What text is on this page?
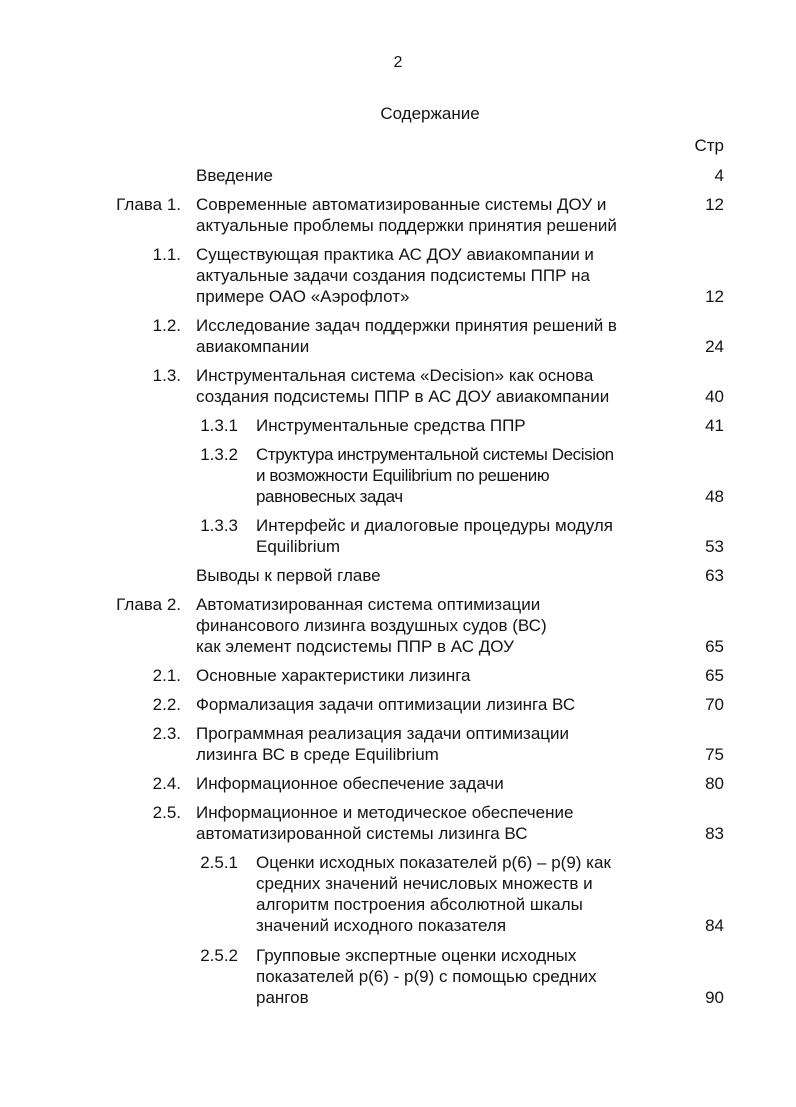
2
Содержание
Стр
Введение	4
Глава 1. Современные автоматизированные системы ДОУ и
актуальные проблемы поддержки принятия решений
12
1.1. Существующая практика АС ДОУ авиакомпании и
актуальные задачи создания подсистемы ППР на
примере ОАО «Аэрофлот»	12
1.2. Исследование задач поддержки принятия решений в
авиакомпании	24
1.3. Инструментальная система «Decision» как основа
создания подсистемы ППР в АС ДОУ авиакомпании	40
1.3.1 Инструментальные средства ППР	41
1.3.2 Структура инструментальной системы Decision
и возможности Equilibrium по решению
равновесных задач	48
1.3.3 Интерфейс и диалоговые процедуры модуля
Equilibrium	53
Выводы к первой главе	63
Глава 2. Автоматизированная система оптимизации
финансового лизинга воздушных судов (ВС)
как элемент подсистемы ППР в АС ДОУ	65
2.1. Основные характеристики лизинга	65
2.2. Формализация задачи оптимизации лизинга ВС	70
2.3. Программная реализация задачи оптимизации
лизинга ВС в среде Equilibrium	75
2.4. Информационное обеспечение задачи	80
2.5. Информационное и методическое обеспечение
автоматизированной системы лизинга ВС	83
2.5.1 Оценки исходных показателей p(6) – p(9) как
средних значений нечисловых множеств и
алгоритм построения абсолютной шкалы
значений исходного показателя	84
2.5.2 Групповые экспертные оценки исходных
показателей p(6) - p(9) с помощью средних
рангов	90
